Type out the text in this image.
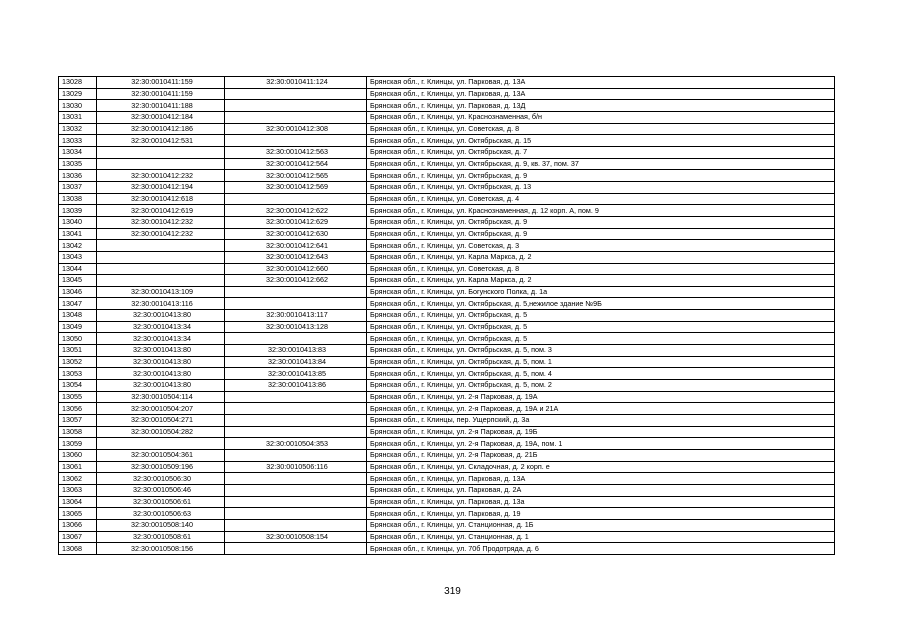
13028	32:30:0010411:159	32:30:0010411:124	Брянская обл., г. Клинцы, ул. Парковая, д. 13А
13029	32:30:0010411:159		Брянская обл., г. Клинцы, ул. Парковая, д. 13А
13030	32:30:0010411:188		Брянская обл., г. Клинцы, ул. Парковая, д. 13Д
13031	32:30:0010412:184		Брянская обл., г. Клинцы, ул. Краснознаменная, б/н
13032	32:30:0010412:186	32:30:0010412:308	Брянская обл., г. Клинцы, ул. Советская, д. 8
13033	32:30:0010412:531		Брянская обл., г. Клинцы, ул. Октябрьская, д. 15
13034		32:30:0010412:563	Брянская обл., г. Клинцы, ул. Октябрьская, д. 7
13035		32:30:0010412:564	Брянская обл., г. Клинцы, ул. Октябрьская, д. 9, кв. 37, пом. 37
13036	32:30:0010412:232	32:30:0010412:565	Брянская обл., г. Клинцы, ул. Октябрьская, д. 9
13037	32:30:0010412:194	32:30:0010412:569	Брянская обл., г. Клинцы, ул. Октябрьская, д. 13
13038	32:30:0010412:618		Брянская обл., г. Клинцы, ул. Советская, д. 4
13039	32:30:0010412:619	32:30:0010412:622	Брянская обл., г. Клинцы, ул. Краснознаменная, д. 12 корп. А, пом. 9
13040	32:30:0010412:232	32:30:0010412:629	Брянская обл., г. Клинцы, ул. Октябрьская, д. 9
13041	32:30:0010412:232	32:30:0010412:630	Брянская обл., г. Клинцы, ул. Октябрьская, д. 9
13042		32:30:0010412:641	Брянская обл., г. Клинцы, ул. Советская, д. 3
13043		32:30:0010412:643	Брянская обл., г. Клинцы, ул. Карла Маркса, д. 2
13044		32:30:0010412:660	Брянская обл., г. Клинцы, ул. Советская, д. 8
13045		32:30:0010412:662	Брянская обл., г. Клинцы, ул. Карла Маркса, д. 2
13046	32:30:0010413:109		Брянская обл., г. Клинцы, ул. Богунского Полка, д. 1а
13047	32:30:0010413:116		Брянская обл., г. Клинцы, ул. Октябрьская, д. 5,нежилое здание №9Б
13048	32:30:0010413:80	32:30:0010413:117	Брянская обл., г. Клинцы, ул. Октябрьская, д. 5
13049	32:30:0010413:34	32:30:0010413:128	Брянская обл., г. Клинцы, ул. Октябрьская, д. 5
13050	32:30:0010413:34		Брянская обл., г. Клинцы, ул. Октябрьская, д. 5
13051	32:30:0010413:80	32:30:0010413:83	Брянская обл., г. Клинцы, ул. Октябрьская, д. 5, пом. 3
13052	32:30:0010413:80	32:30:0010413:84	Брянская обл., г. Клинцы, ул. Октябрьская, д. 5, пом. 1
13053	32:30:0010413:80	32:30:0010413:85	Брянская обл., г. Клинцы, ул. Октябрьская, д. 5, пом. 4
13054	32:30:0010413:80	32:30:0010413:86	Брянская обл., г. Клинцы, ул. Октябрьская, д. 5, пом. 2
13055	32:30:0010504:114		Брянская обл., г. Клинцы, ул. 2-я Парковая, д. 19А
13056	32:30:0010504:207		Брянская обл., г. Клинцы, ул. 2-я Парковая, д. 19А и 21А
13057	32:30:0010504:271		Брянская обл., г. Клинцы, пер. Ущерпский, д. 3а
13058	32:30:0010504:282		Брянская обл., г. Клинцы, ул. 2-я Парковая, д. 19Б
13059		32:30:0010504:353	Брянская обл., г. Клинцы, ул. 2-я Парковая, д. 19А, пом. 1
13060	32:30:0010504:361		Брянская обл., г. Клинцы, ул. 2-я Парковая, д. 21Б
13061	32:30:0010509:196	32:30:0010506:116	Брянская обл., г. Клинцы, ул. Складочная, д. 2 корп. е
13062	32:30:0010506:30		Брянская обл., г. Клинцы, ул. Парковая, д. 13А
13063	32:30:0010506:46		Брянская обл., г. Клинцы, ул. Парковая, д. 2А
13064	32:30:0010506:61		Брянская обл., г. Клинцы, ул. Парковая, д. 13а
13065	32:30:0010506:63		Брянская обл., г. Клинцы, ул. Парковая, д. 19
13066	32:30:0010508:140		Брянская обл., г. Клинцы, ул. Станционная, д. 1Б
13067	32:30:0010508:61	32:30:0010508:154	Брянская обл., г. Клинцы, ул. Станционная, д. 1
13068	32:30:0010508:156		Брянская обл., г. Клинцы, ул. 70б Продотряда, д. 6
319
